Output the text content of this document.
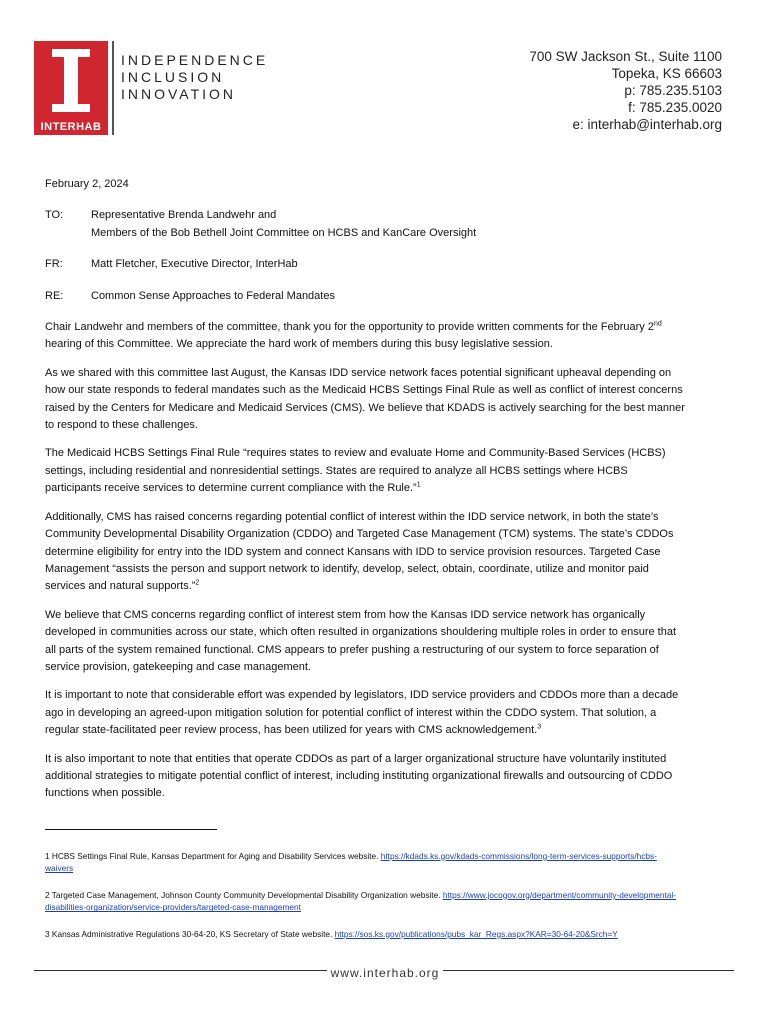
INTERHAB
INDEPENDENCE
INCLUSION
INNOVATION
700 SW Jackson St., Suite 1100
Topeka, KS 66603
p: 785.235.5103
f: 785.235.0020
e: interhab@interhab.org
February 2, 2024
TO:	Representative Brenda Landwehr and
Members of the Bob Bethell Joint Committee on HCBS and KanCare Oversight
FR:	Matt Fletcher, Executive Director, InterHab
RE:	Common Sense Approaches to Federal Mandates

Chair Landwehr and members of the committee, thank you for the opportunity to provide written comments for the February 2nd hearing of this Committee. We appreciate the hard work of members during this busy legislative session.

As we shared with this committee last August, the Kansas IDD service network faces potential significant upheaval depending on how our state responds to federal mandates such as the Medicaid HCBS Settings Final Rule as well as conflict of interest concerns raised by the Centers for Medicare and Medicaid Services (CMS). We believe that KDADS is actively searching for the best manner to respond to these challenges.

The Medicaid HCBS Settings Final Rule “requires states to review and evaluate Home and Community-Based Services (HCBS) settings, including residential and nonresidential settings. States are required to analyze all HCBS settings where HCBS participants receive services to determine current compliance with the Rule.”$^1$

Additionally, CMS has raised concerns regarding potential conflict of interest within the IDD service network, in both the state’s Community Developmental Disability Organization (CDDO) and Targeted Case Management (TCM) systems. The state’s CDDOs determine eligibility for entry into the IDD system and connect Kansans with IDD to service provision resources. Targeted Case Management “assists the person and support network to identify, develop, select, obtain, coordinate, utilize and monitor paid services and natural supports.”$^2$

We believe that CMS concerns regarding conflict of interest stem from how the Kansas IDD service network has organically developed in communities across our state, which often resulted in organizations shouldering multiple roles in order to ensure that all parts of the system remained functional. CMS appears to prefer pushing a restructuring of our system to force separation of service provision, gatekeeping and case management.

It is important to note that considerable effort was expended by legislators, IDD service providers and CDDOs more than a decade ago in developing an agreed-upon mitigation solution for potential conflict of interest within the CDDO system. That solution, a regular state-facilitated peer review process, has been utilized for years with CMS acknowledgement.$^3$

It is also important to note that entities that operate CDDOs as part of a larger organizational structure have voluntarily instituted additional strategies to mitigate potential conflict of interest, including instituting organizational firewalls and outsourcing of CDDO functions when possible.

1 HCBS Settings Final Rule, Kansas Department for Aging and Disability Services website. https://kdads.ks.gov/kdads-commissions/long-term-services-supports/hcbs-waivers
2 Targeted Case Management, Johnson County Community Developmental Disability Organization website. https://www.jocogov.org/department/community-developmental-disabilities-organization/service-providers/targeted-case-management
3 Kansas Administrative Regulations 30-64-20, KS Secretary of State website. https://sos.ks.gov/publications/pubs_kar_Regs.aspx?KAR=30-64-20&Srch=Y
www.interhab.org
